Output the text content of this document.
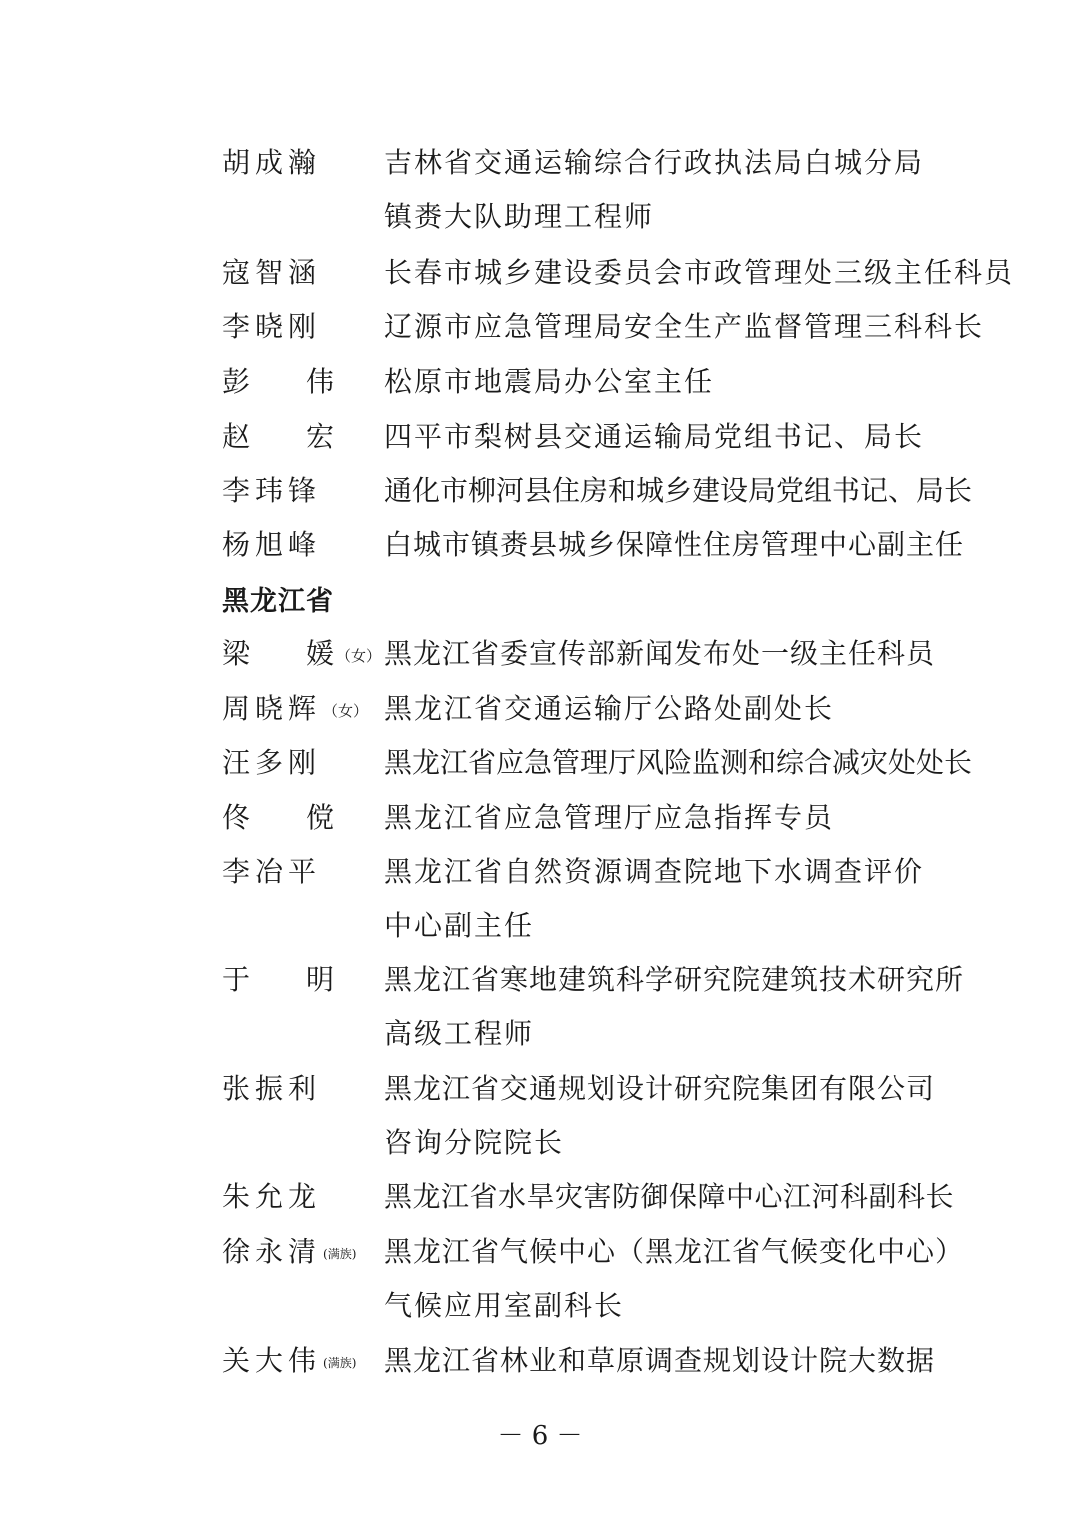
胡成瀚 吉林省交通运输综合行政执法局白城分局
镇赉大队助理工程师
寇智涵 长春市城乡建设委员会市政管理处三级主任科员
李晓刚 辽源市应急管理局安全生产监督管理三科科长
彭 伟 松原市地震局办公室主任
赵 宏 四平市梨树县交通运输局党组书记、局长
李玮锋 通化市柳河县住房和城乡建设局党组书记、局长
杨旭峰 白城市镇赉县城乡保障性住房管理中心副主任
黑龙江省
梁 媛 （女） 黑龙江省委宣传部新闻发布处一级主任科员
周晓辉 （女） 黑龙江省交通运输厅公路处副处长
汪多刚 黑龙江省应急管理厅风险监测和综合减灾处处长
佟 傥 黑龙江省应急管理厅应急指挥专员
李冶平 黑龙江省自然资源调查院地下水调查评价
中心副主任
于 明 黑龙江省寒地建筑科学研究院建筑技术研究所
高级工程师
张振利 黑龙江省交通规划设计研究院集团有限公司
咨询分院院长
朱允龙 黑龙江省水旱灾害防御保障中心江河科副科长
徐永清 (满族) 黑龙江省气候中心（黑龙江省气候变化中心）
气候应用室副科长
关大伟 (满族) 黑龙江省林业和草原调查规划设计院大数据
－ 6 －
